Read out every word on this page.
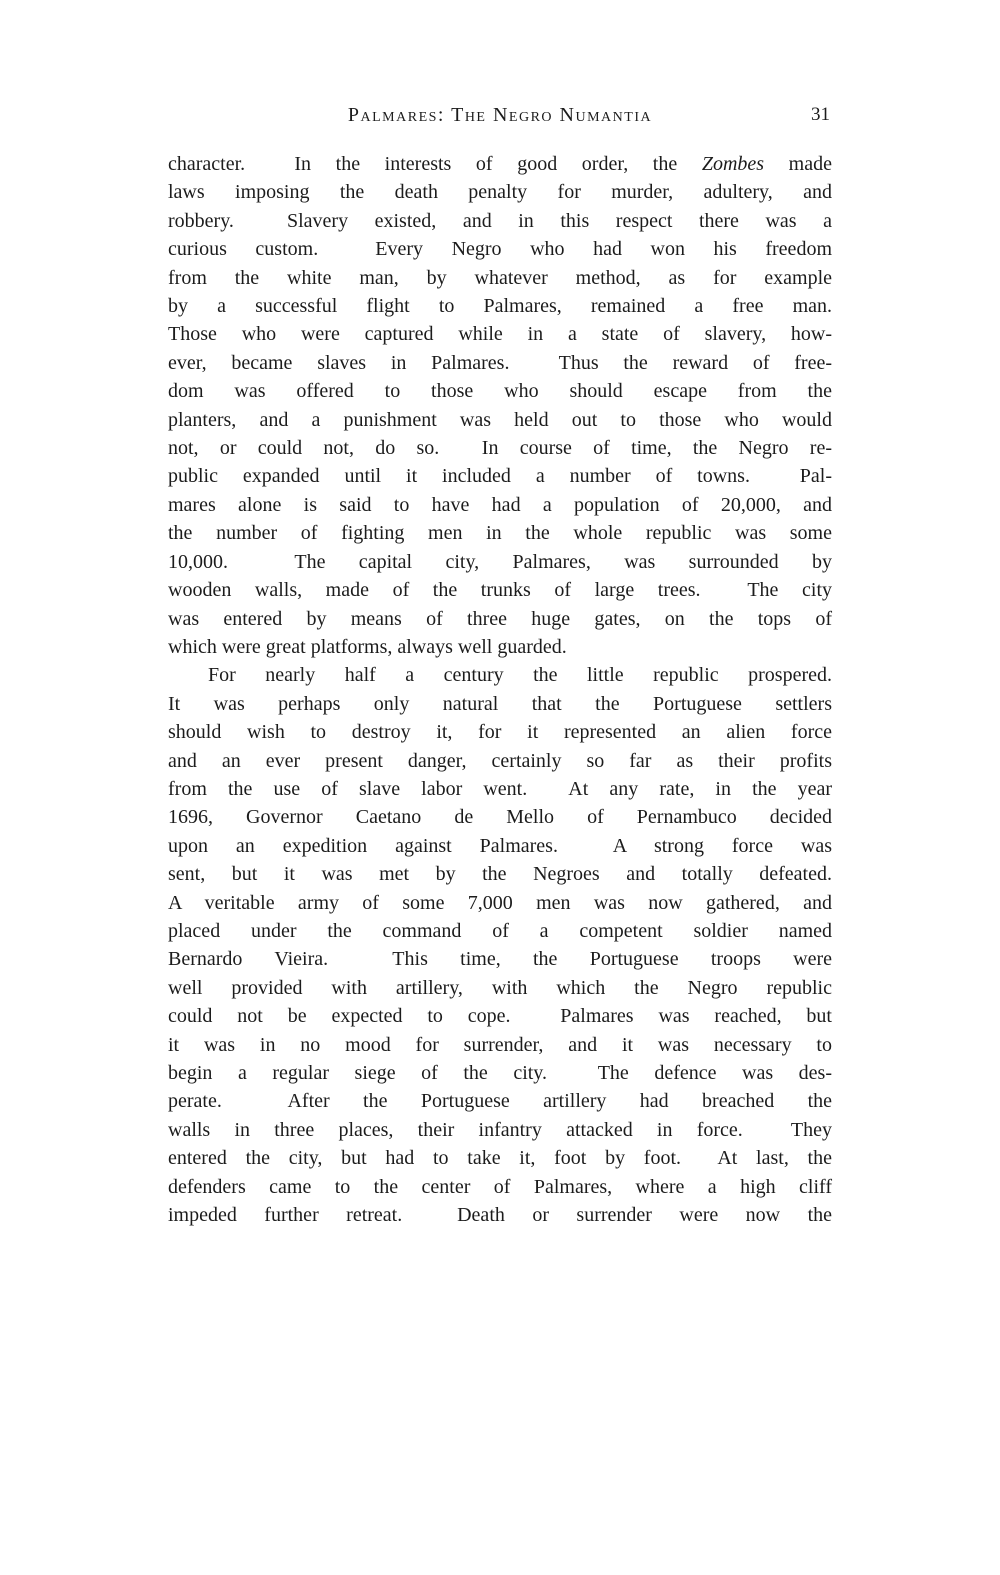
Palmares: The Negro Numantia	31
character.  In the interests of good order, the Zombes made
laws imposing the death penalty for murder, adultery, and
robbery.  Slavery existed, and in this respect there was a
curious custom.  Every Negro who had won his freedom
from the white man, by whatever method, as for example
by a successful flight to Palmares, remained a free man.
Those who were captured while in a state of slavery, how-
ever, became slaves in Palmares.  Thus the reward of free-
dom was offered to those who should escape from the
planters, and a punishment was held out to those who would
not, or could not, do so.  In course of time, the Negro re-
public expanded until it included a number of towns.  Pal-
mares alone is said to have had a population of 20,000, and
the number of fighting men in the whole republic was some
10,000.  The capital city, Palmares, was surrounded by
wooden walls, made of the trunks of large trees.  The city
was entered by means of three huge gates, on the tops of
which were great platforms, always well guarded.
For nearly half a century the little republic prospered.
It was perhaps only natural that the Portuguese settlers
should wish to destroy it, for it represented an alien force
and an ever present danger, certainly so far as their profits
from the use of slave labor went.  At any rate, in the year
1696, Governor Caetano de Mello of Pernambuco decided
upon an expedition against Palmares.  A strong force was
sent, but it was met by the Negroes and totally defeated.
A veritable army of some 7,000 men was now gathered, and
placed under the command of a competent soldier named
Bernardo Vieira.  This time, the Portuguese troops were
well provided with artillery, with which the Negro republic
could not be expected to cope.  Palmares was reached, but
it was in no mood for surrender, and it was necessary to
begin a regular siege of the city.  The defence was des-
perate.  After the Portuguese artillery had breached the
walls in three places, their infantry attacked in force.  They
entered the city, but had to take it, foot by foot.  At last, the
defenders came to the center of Palmares, where a high cliff
impeded further retreat.  Death or surrender were now the
